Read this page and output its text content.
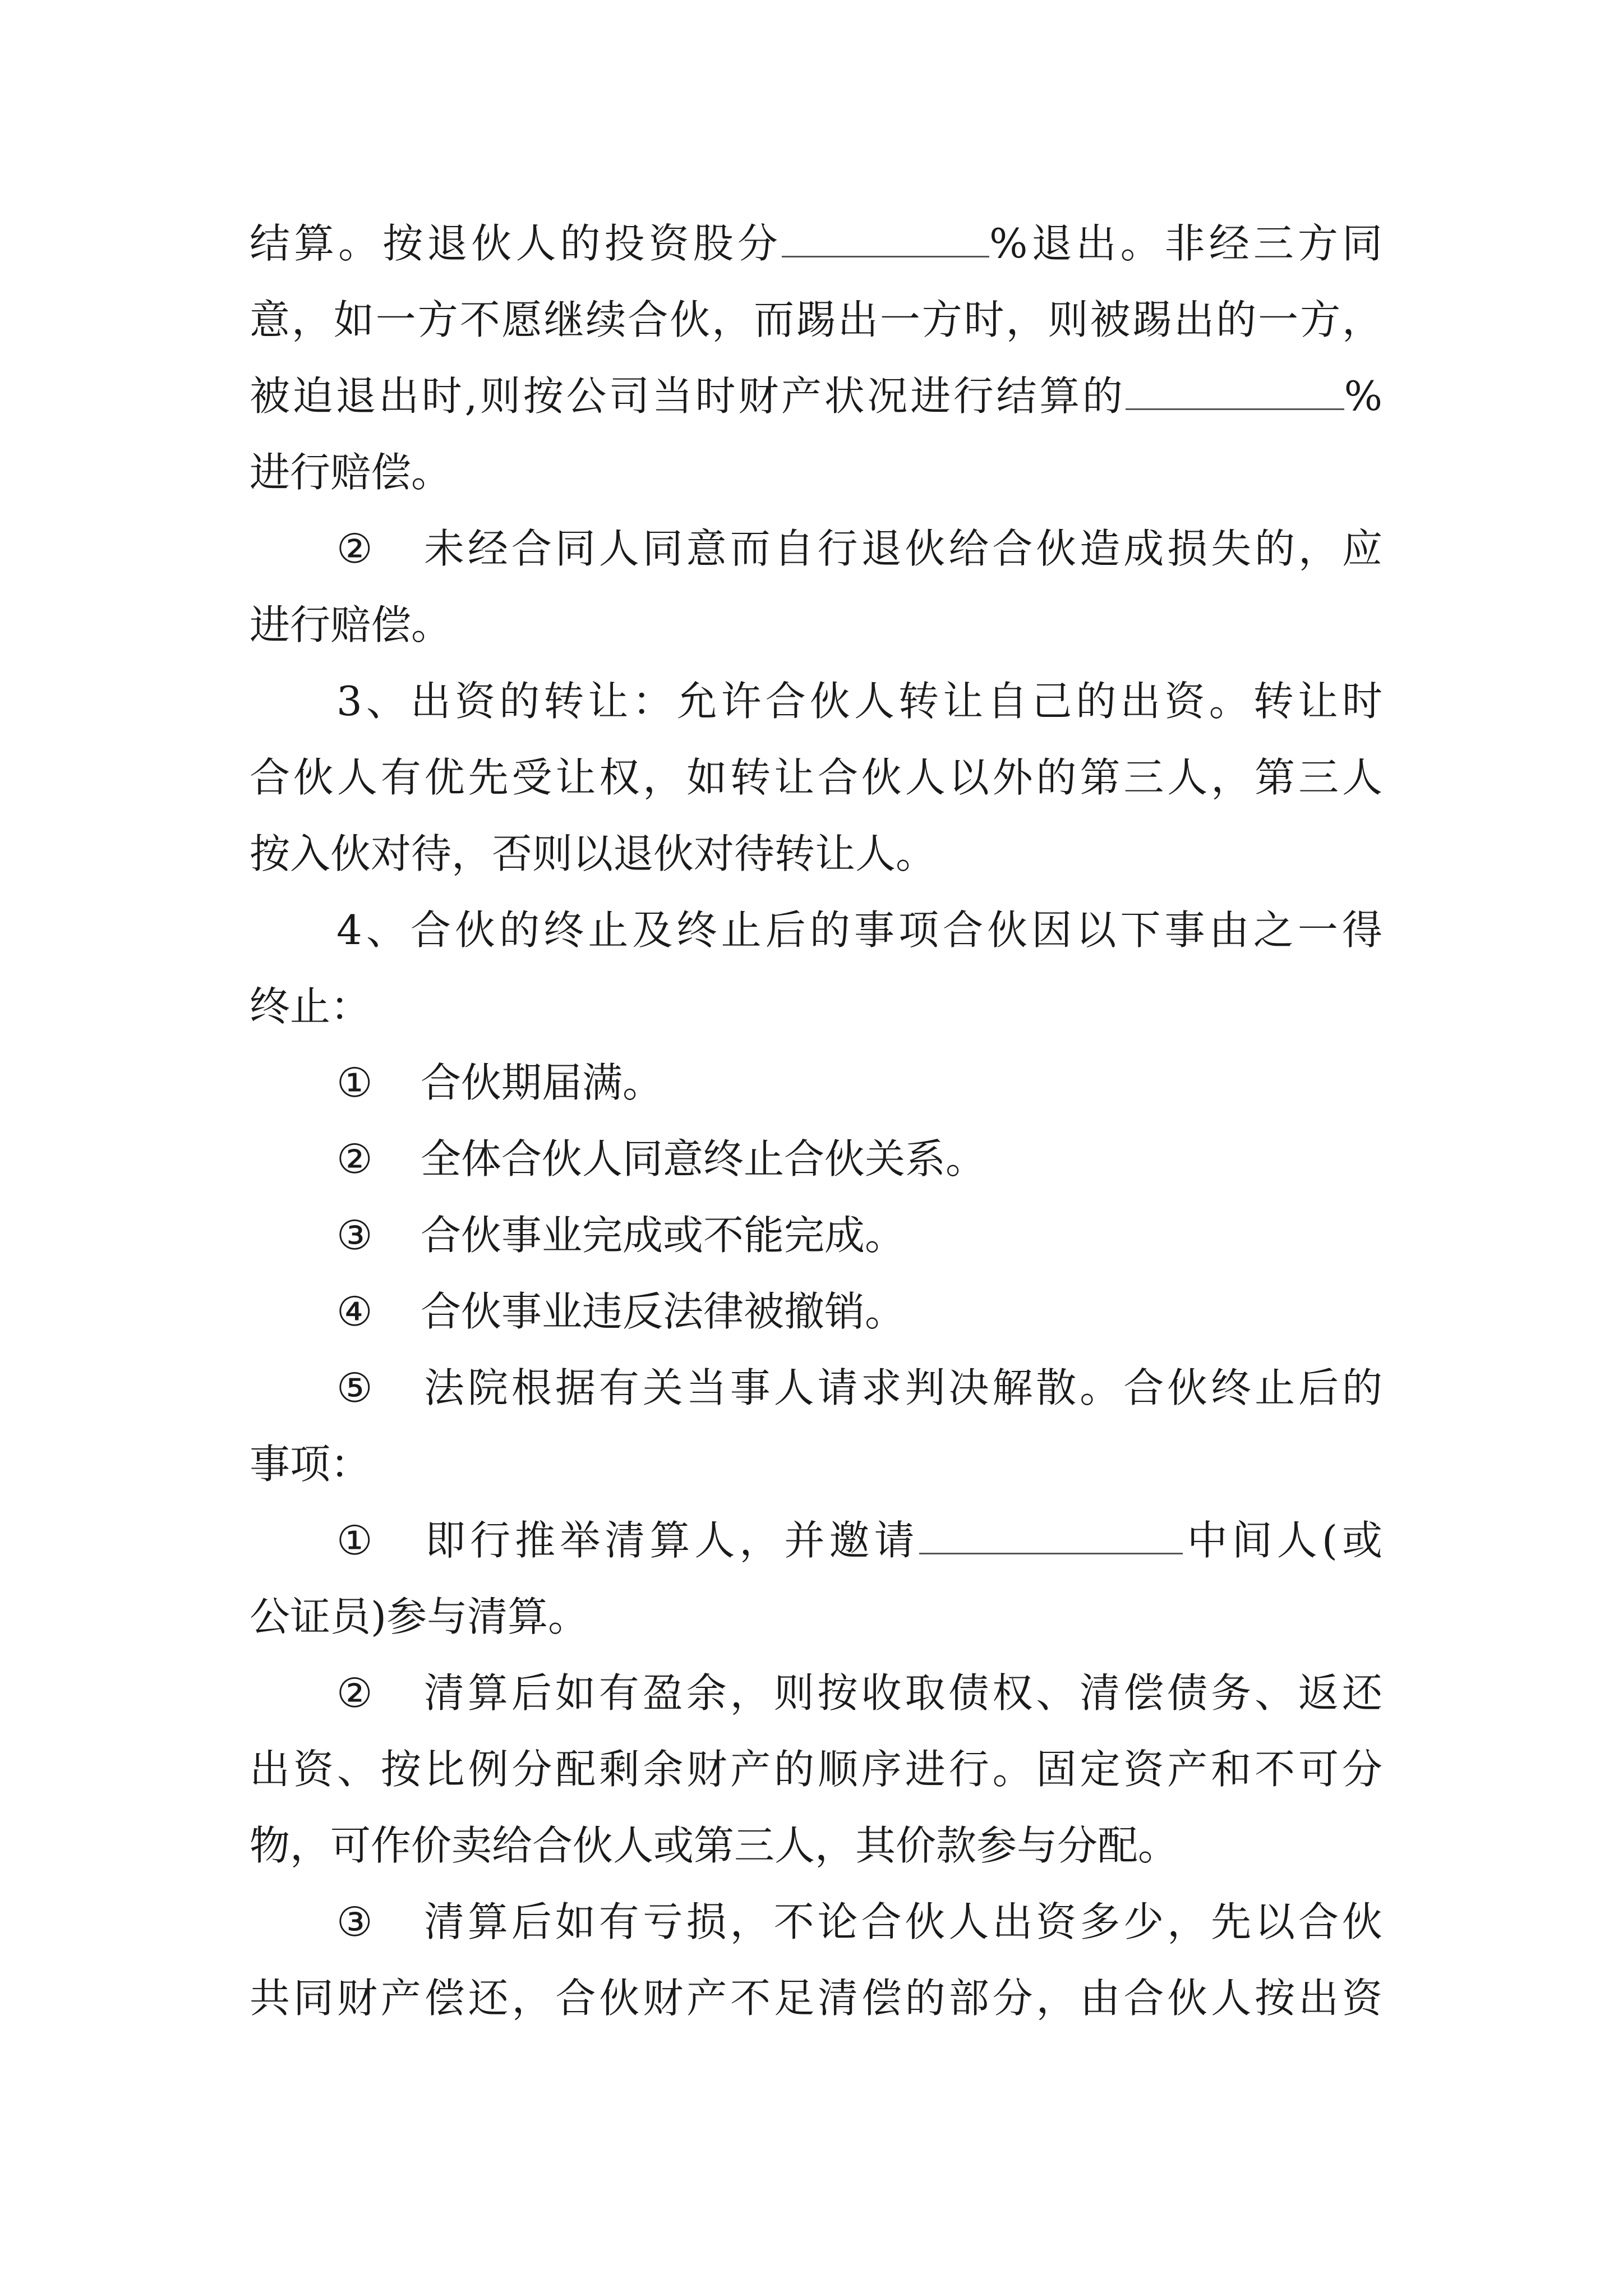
结算。按退伙人的投资股分	%退出。非经三方同
意，如一方不愿继续合伙，而踢出一方时，则被踢出的一方，
被迫退出时,则按公司当时财产状况进行结算的	%
进行赔偿。
② 未经合同人同意而自行退伙给合伙造成损失的，应
进行赔偿。
3、出资的转让：允许合伙人转让自己的出资。转让时
合伙人有优先受让权，如转让合伙人以外的第三人，第三人
按入伙对待，否则以退伙对待转让人。
4、合伙的终止及终止后的事项合伙因以下事由之一得
终止：
① 合伙期届满。
② 全体合伙人同意终止合伙关系。
③ 合伙事业完成或不能完成。
④ 合伙事业违反法律被撤销。
⑤ 法院根据有关当事人请求判决解散。合伙终止后的
事项：
① 即行推举清算人，并邀请	中间人(或
公证员)参与清算。
② 清算后如有盈余，则按收取债权、清偿债务、返还
出资、按比例分配剩余财产的顺序进行。固定资产和不可分
物，可作价卖给合伙人或第三人，其价款参与分配。
③ 清算后如有亏损，不论合伙人出资多少，先以合伙
共同财产偿还，合伙财产不足清偿的部分，由合伙人按出资
